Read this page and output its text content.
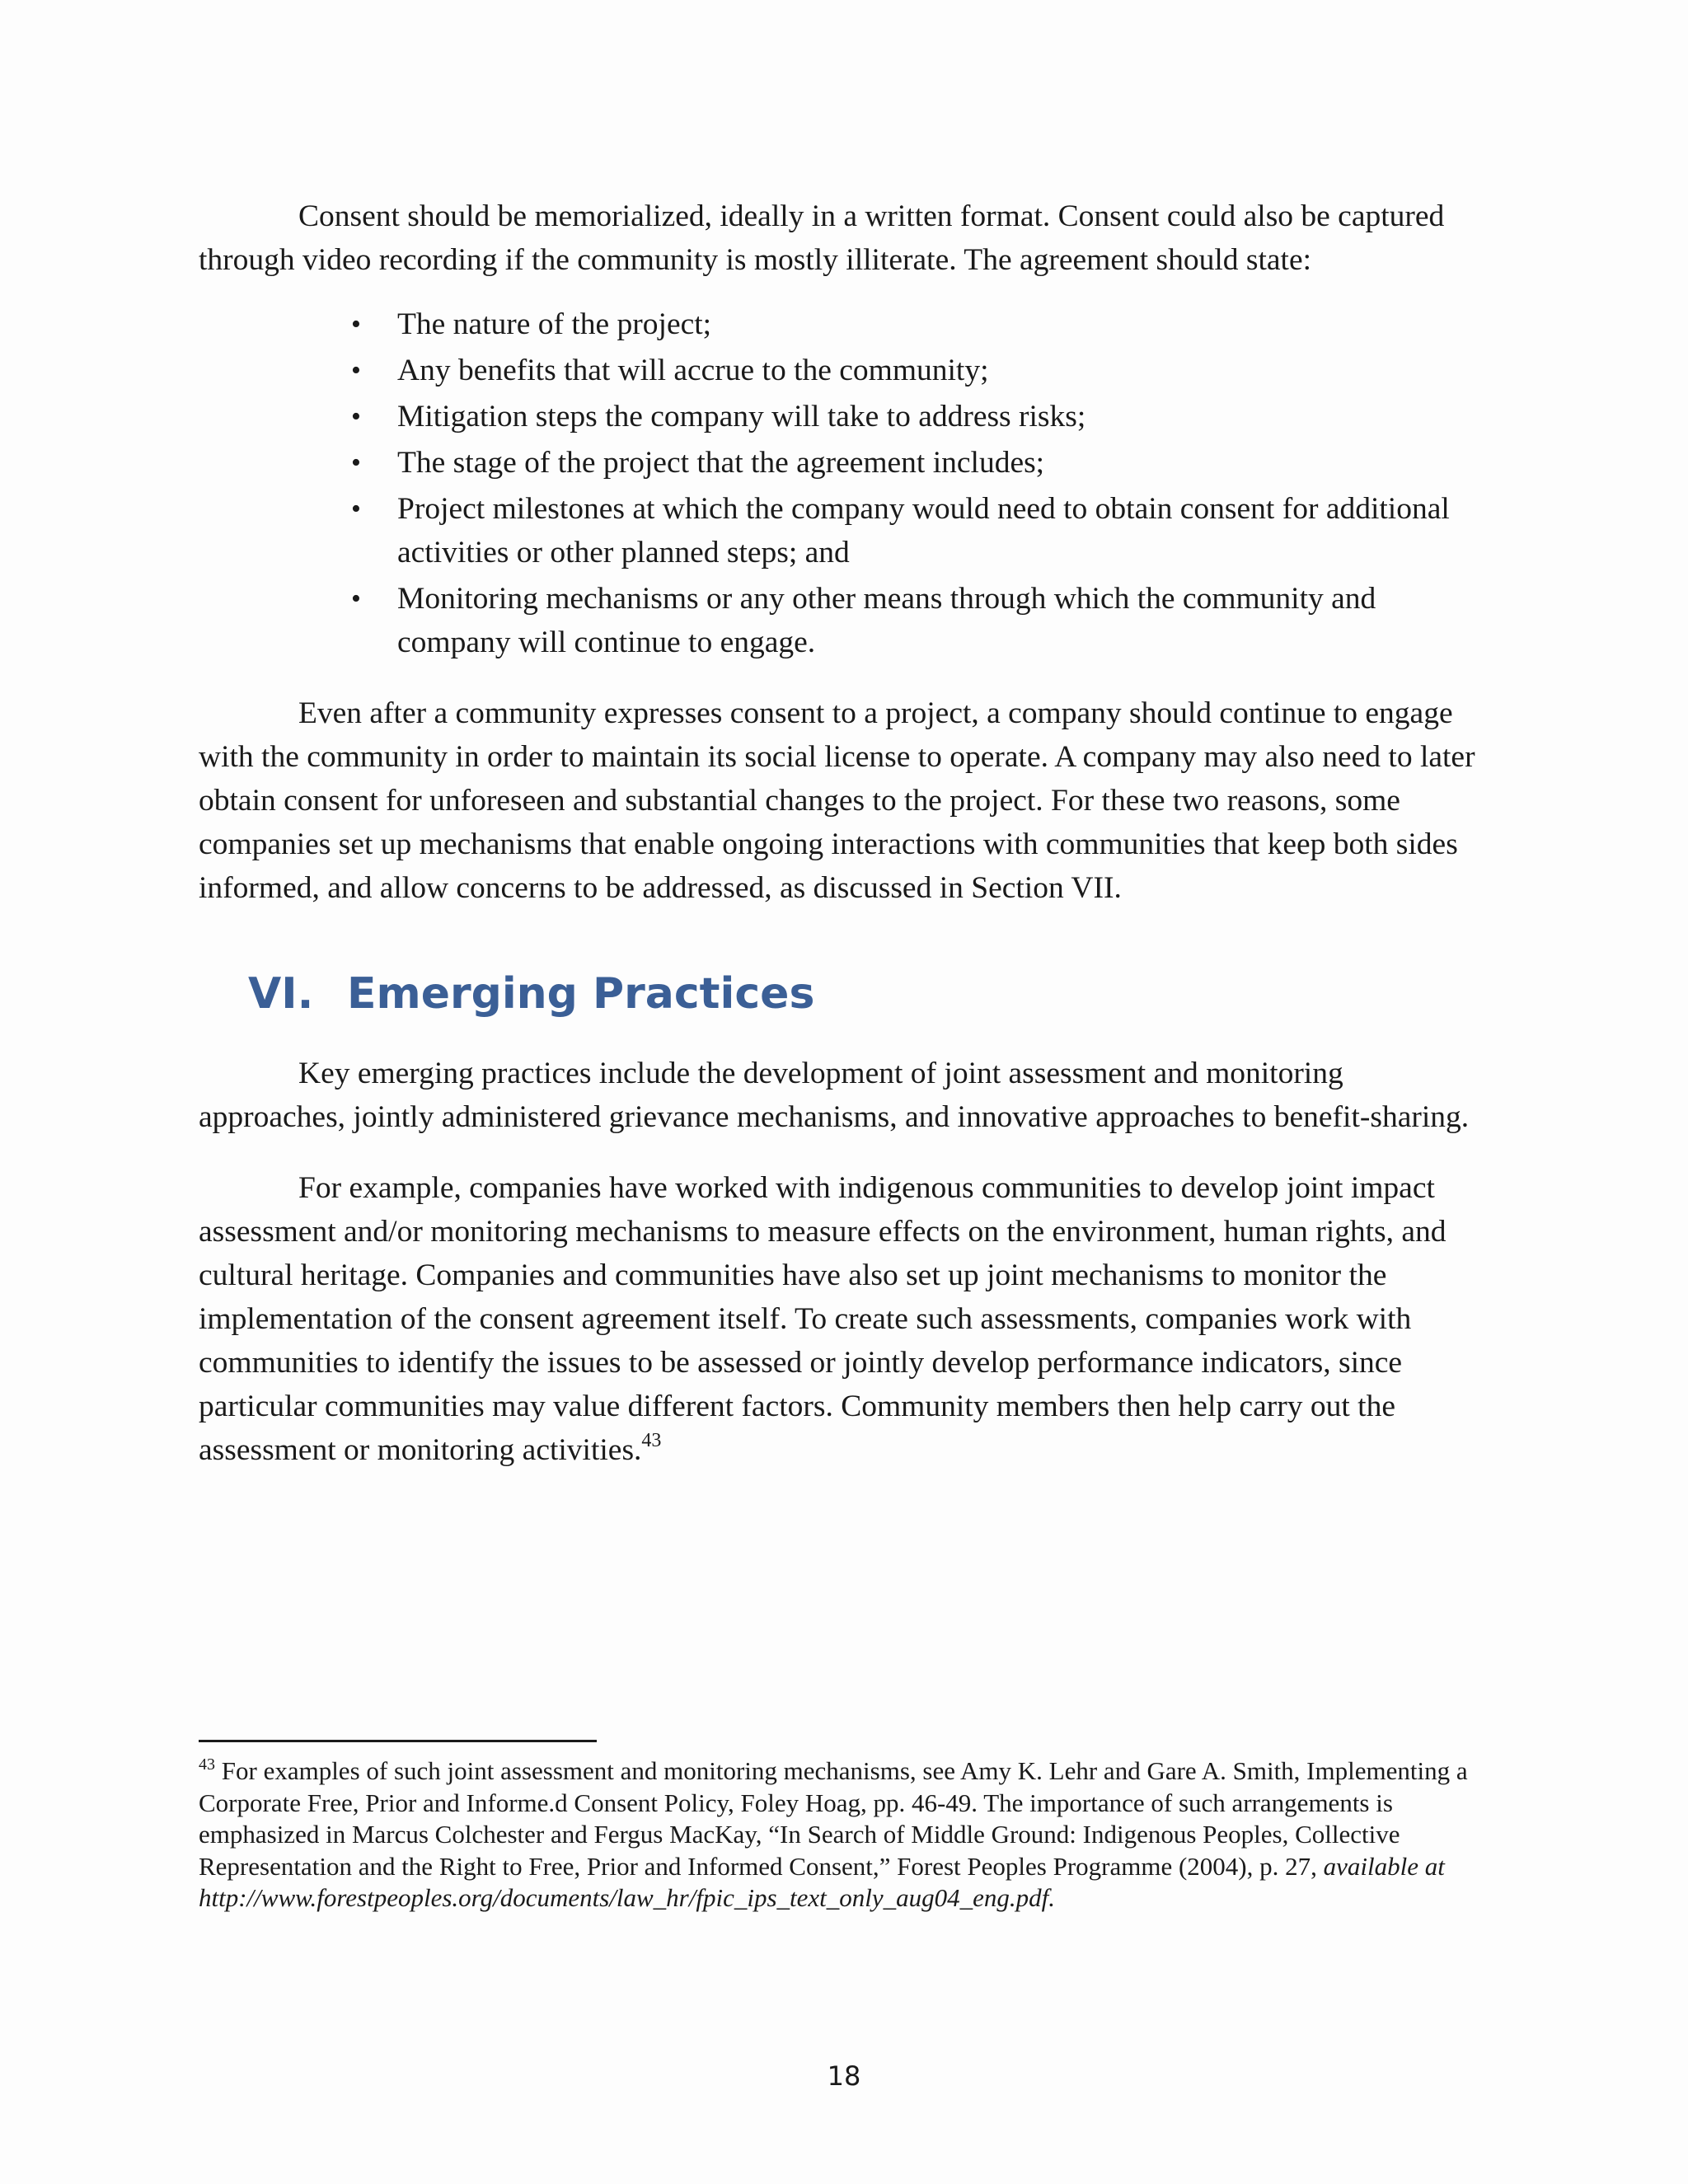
Consent should be memorialized, ideally in a written format. Consent could also be captured through video recording if the community is mostly illiterate. The agreement should state:

• The nature of the project;
• Any benefits that will accrue to the community;
• Mitigation steps the company will take to address risks;
• The stage of the project that the agreement includes;
• Project milestones at which the company would need to obtain consent for additional activities or other planned steps; and
• Monitoring mechanisms or any other means through which the community and company will continue to engage.

Even after a community expresses consent to a project, a company should continue to engage with the community in order to maintain its social license to operate. A company may also need to later obtain consent for unforeseen and substantial changes to the project. For these two reasons, some companies set up mechanisms that enable ongoing interactions with communities that keep both sides informed, and allow concerns to be addressed, as discussed in Section VII.

VI. Emerging Practices

Key emerging practices include the development of joint assessment and monitoring approaches, jointly administered grievance mechanisms, and innovative approaches to benefit-sharing.

For example, companies have worked with indigenous communities to develop joint impact assessment and/or monitoring mechanisms to measure effects on the environment, human rights, and cultural heritage. Companies and communities have also set up joint mechanisms to monitor the implementation of the consent agreement itself. To create such assessments, companies work with communities to identify the issues to be assessed or jointly develop performance indicators, since particular communities may value different factors. Community members then help carry out the assessment or monitoring activities.$^{43}$

$^{43}$ For examples of such joint assessment and monitoring mechanisms, see Amy K. Lehr and Gare A. Smith, Implementing a Corporate Free, Prior and Informe.d Consent Policy, Foley Hoag, pp. 46-49. The importance of such arrangements is emphasized in Marcus Colchester and Fergus MacKay, “In Search of Middle Ground: Indigenous Peoples, Collective Representation and the Right to Free, Prior and Informed Consent,” Forest Peoples Programme (2004), p. 27, available at http://www.forestpeoples.org/documents/law_hr/fpic_ips_text_only_aug04_eng.pdf.
18
